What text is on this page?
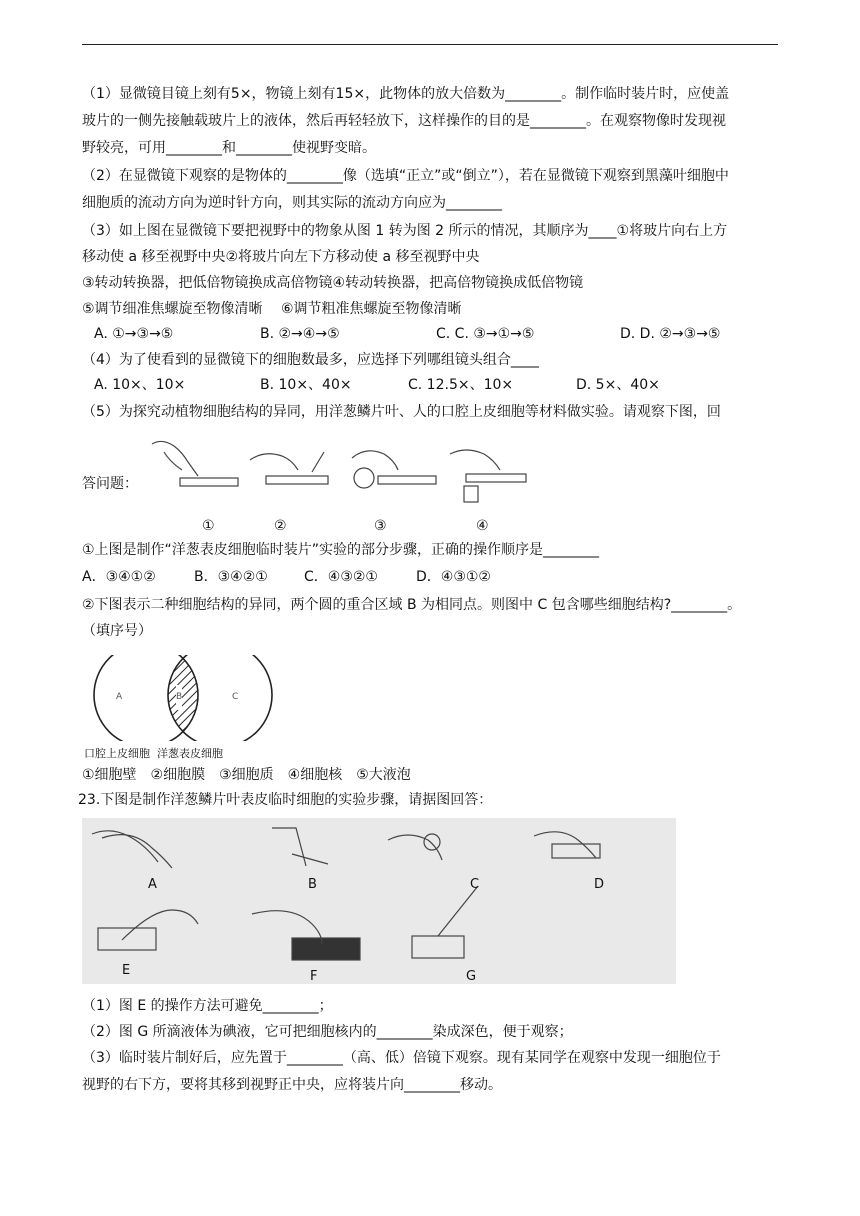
（1）显微镜目镜上刻有5×，物镜上刻有15×，此物体的放大倍数为________。制作临时装片时，应使盖
玻片的一侧先接触载玻片上的液体，然后再轻轻放下，这样操作的目的是________。在观察物像时发现视
野较亮，可用________和________使视野变暗。
（2）在显微镜下观察的是物体的________像（选填“正立”或“倒立”），若在显微镜下观察到黑藻叶细胞中
细胞质的流动方向为逆时针方向，则其实际的流动方向应为________
（3）如上图在显微镜下要把视野中的物象从图 1 转为图 2 所示的情况，其顺序为____①将玻片向右上方
移动使 a 移至视野中央②将玻片向左下方移动使 a 移至视野中央
③转动转换器，把低倍物镜换成高倍物镜④转动转换器，把高倍物镜换成低倍物镜
⑤调节细准焦螺旋至物像清晰　 ⑥调节粗准焦螺旋至物像清晰
A. ①→③→⑤	B. ②→④→⑤	C. C. ③→①→⑤	D. D. ②→③→⑤
（4）为了使看到的显微镜下的细胞数最多，应选择下列哪组镜头组合____
A. 10×、10×	B. 10×、40×	C. 12.5×、10×	D. 5×、40×
（5）为探究动植物细胞结构的异同，用洋葱鳞片叶、人的口腔上皮细胞等材料做实验。请观察下图，回
答问题：
①	②	③	④
①上图是制作“洋葱表皮细胞临时装片”实验的部分步骤，正确的操作顺序是________
A．③④①②	B．③④②①	C．④③②①	D．④③①②
②下图表示二种细胞结构的异同，两个圆的重合区域 B 为相同点。则图中 C 包含哪些细胞结构?________。
（填序号）
A	B	C
口腔上皮细胞  洋葱表皮细胞
①细胞壁　②细胞膜　③细胞质　④细胞核　⑤大液泡
23.下图是制作洋葱鳞片叶表皮临时细胞的实验步骤，请据图回答：
A	B	C	D
E	F	G
（1）图 E 的操作方法可避免________；
（2）图 G 所滴液体为碘液，它可把细胞核内的________染成深色，便于观察；
（3）临时装片制好后，应先置于________（高、低）倍镜下观察。现有某同学在观察中发现一细胞位于
视野的右下方，要将其移到视野正中央，应将装片向________移动。
